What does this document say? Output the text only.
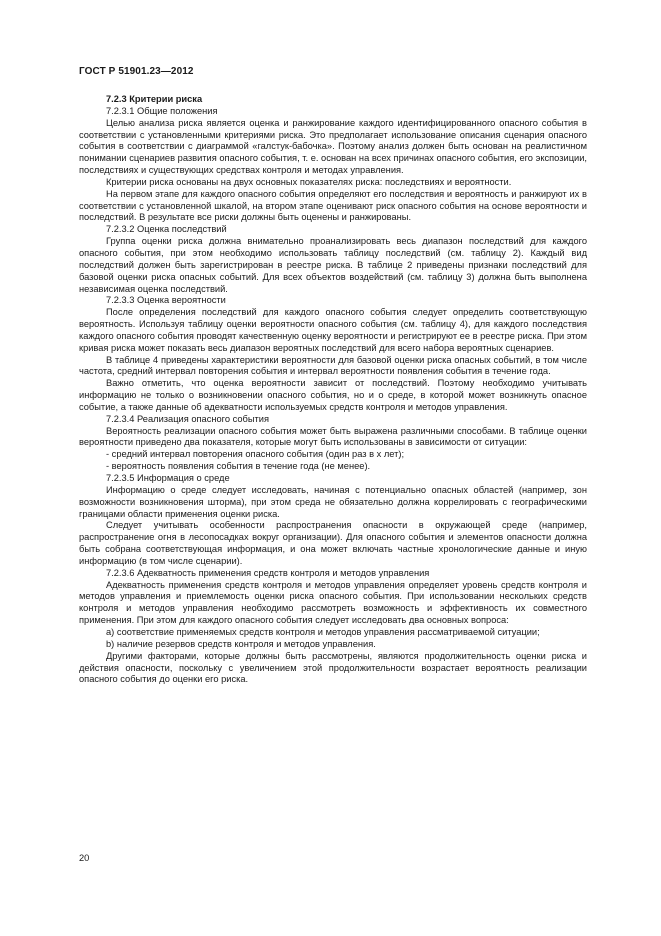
ГОСТ Р 51901.23—2012

7.2.3 Критерии риска

7.2.3.1 Общие положения

Целью анализа риска является оценка и ранжирование каждого идентифицированного опасного события в соответствии с установленными критериями риска. Это предполагает использование описания сценария опасного события в соответствии с диаграммой «галстук-бабочка». Поэтому анализ должен быть основан на реалистичном понимании сценариев развития опасного события, т. е. основан на всех причинах опасного события, его экспозиции, последствиях и существующих средствах контроля и методах управления.

Критерии риска основаны на двух основных показателях риска: последствиях и вероятности.

На первом этапе для каждого опасного события определяют его последствия и вероятность и ранжируют их в соответствии с установленной шкалой, на втором этапе оценивают риск опасного события на основе вероятности и последствий. В результате все риски должны быть оценены и ранжированы.

7.2.3.2 Оценка последствий

Группа оценки риска должна внимательно проанализировать весь диапазон последствий для каждого опасного события, при этом необходимо использовать таблицу последствий (см. таблицу 2). Каждый вид последствий должен быть зарегистрирован в реестре риска. В таблице 2 приведены признаки последствий для базовой оценки риска опасных событий. Для всех объектов воздействий (см. таблицу 3) должна быть выполнена независимая оценка последствий.

7.2.3.3 Оценка вероятности

После определения последствий для каждого опасного события следует определить соответствующую вероятность. Используя таблицу оценки вероятности опасного события (см. таблицу 4), для каждого последствия каждого опасного события проводят качественную оценку вероятности и регистрируют ее в реестре риска. При этом кривая риска может показать весь диапазон вероятных последствий для всего набора вероятных сценариев.

В таблице 4 приведены характеристики вероятности для базовой оценки риска опасных событий, в том числе частота, средний интервал повторения события и интервал вероятности появления события в течение года.

Важно отметить, что оценка вероятности зависит от последствий. Поэтому необходимо учитывать информацию не только о возникновении опасного события, но и о среде, в которой может возникнуть опасное событие, а также данные об адекватности используемых средств контроля и методов управления.

7.2.3.4 Реализация опасного события

Вероятность реализации опасного события может быть выражена различными способами. В таблице оценки вероятности приведено два показателя, которые могут быть использованы в зависимости от ситуации:

- средний интервал повторения опасного события (один раз в x лет);

- вероятность появления события в течение года (не менее).

7.2.3.5 Информация о среде

Информацию о среде следует исследовать, начиная с потенциально опасных областей (например, зон возможности возникновения шторма), при этом среда не обязательно должна коррелировать с географическими границами области применения оценки риска.

Следует учитывать особенности распространения опасности в окружающей среде (например, распространение огня в лесопосадках вокруг организации). Для опасного события и элементов опасности должна быть собрана соответствующая информация, и она может включать частные хронологические данные и иную информацию (в том числе сценарии).

7.2.3.6 Адекватность применения средств контроля и методов управления

Адекватность применения средств контроля и методов управления определяет уровень средств контроля и методов управления и приемлемость оценки риска опасного события. При использовании нескольких средств контроля и методов управления необходимо рассмотреть возможность и эффективность их совместного применения. При этом для каждого опасного события следует исследовать два основных вопроса:

a) соответствие применяемых средств контроля и методов управления рассматриваемой ситуации;

b) наличие резервов средств контроля и методов управления.

Другими факторами, которые должны быть рассмотрены, являются продолжительность оценки риска и действия опасности, поскольку с увеличением этой продолжительности возрастает вероятность реализации опасного события до оценки его риска.

20
